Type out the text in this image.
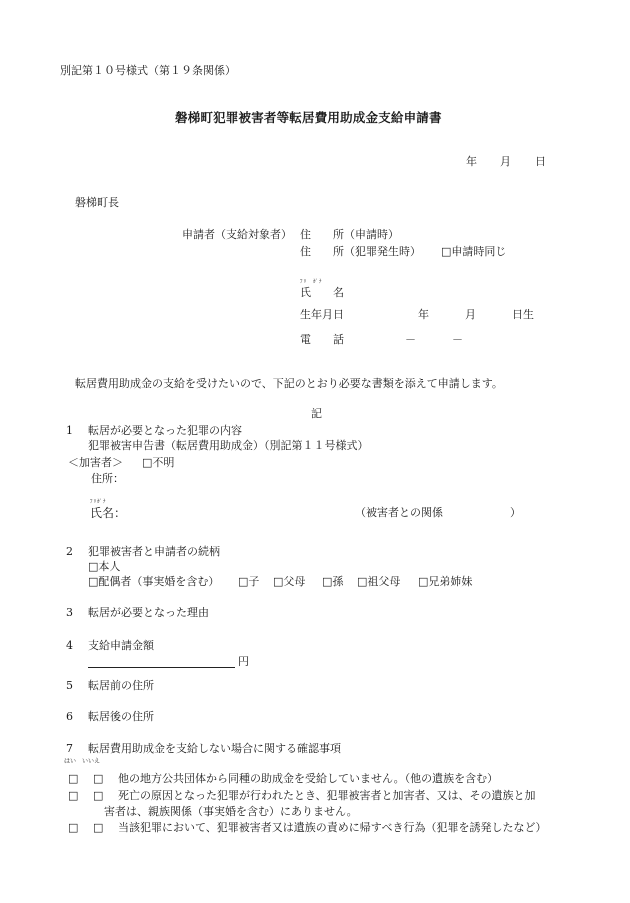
別記第１０号様式（第１９条関係）
磐梯町犯罪被害者等転居費用助成金支給申請書
年 月 日
磐梯町長
申請者（支給対象者） 住　　所（申請時）
住　　所（犯罪発生時） □申請時同じ
ﾌﾘ　ｶﾞﾅ
氏　　名
生年月日	年	月	日生
電　　話	－	－
転居費用助成金の支給を受けたいので、下記のとおり必要な書類を添えて申請します。
記
1 転居が必要となった犯罪の内容
犯罪被害申告書（転居費用助成金）（別記第１１号様式）
＜加害者＞ □不明
住所：
ﾌﾘｶﾞﾅ
氏名：	（被害者との関係	）
2 犯罪被害者と申請者の続柄
□本人
□配偶者（事実婚を含む） □子 □父母 □孫 □祖父母 □兄弟姉妹
3 転居が必要となった理由
4 支給申請金額
円
5 転居前の住所
6 転居後の住所
7 転居費用助成金を支給しない場合に関する確認事項
はい　いいえ
□ □ 他の地方公共団体から同種の助成金を受給していません。（他の遺族を含む）
□ □ 死亡の原因となった犯罪が行われたとき、犯罪被害者と加害者、又は、その遺族と加
害者は、親族関係（事実婚を含む）にありません。
□ □ 当該犯罪において、犯罪被害者又は遺族の責めに帰すべき行為（犯罪を誘発したなど）
